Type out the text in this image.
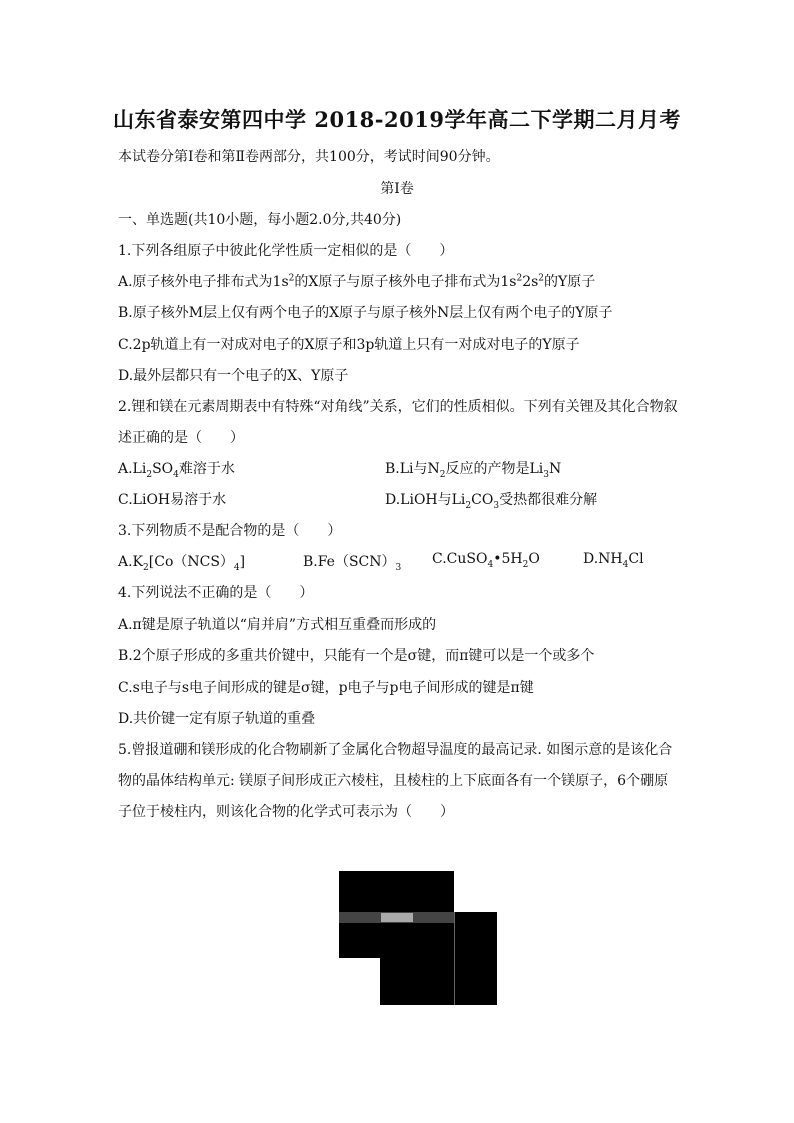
山东省泰安第四中学 2018-2019学年高二下学期二月月考
本试卷分第Ⅰ卷和第Ⅱ卷两部分，共100分，考试时间90分钟。
第Ⅰ卷
一、单选题(共10小题，每小题2.0分,共40分)
1.下列各组原子中彼此化学性质一定相似的是（　　）
A.原子核外电子排布式为$1s^2$的X原子与原子核外电子排布式为$1s^22s^2$的Y原子
B.原子核外M层上仅有两个电子的X原子与原子核外N层上仅有两个电子的Y原子
C.2p轨道上有一对成对电子的X原子和3p轨道上只有一对成对电子的Y原子
D.最外层都只有一个电子的X、Y原子
2.锂和镁在元素周期表中有特殊“对角线”关系，它们的性质相似。下列有关锂及其化合物叙
述正确的是（　　）
$A.Li_2SO_4$难溶于水	B.Li与$N_2$反应的产物是$Li_3N$
C.LiOH易溶于水	D.LiOH与$Li_2CO_3$受热都很难分解
3.下列物质不是配合物的是（　　）
$A.K_2[Co(NCS)_4]$	$B.Fe(SCN)_3$
$C.CuSO_4•5H_2O$	$D.NH_4Cl$
4.下列说法不正确的是（　　）
A.π键是原子轨道以“肩并肩”方式相互重叠而形成的
B.2个原子形成的多重共价键中，只能有一个是σ键，而π键可以是一个或多个
C.s电子与s电子间形成的键是σ键，p电子与p电子间形成的键是π键
D.共价键一定有原子轨道的重叠
5.曾报道硼和镁形成的化合物刷新了金属化合物超导温度的最高记录. 如图示意的是该化合
物的晶体结构单元: 镁原子间形成正六棱柱，且棱柱的上下底面各有一个镁原子，6个硼原
子位于棱柱内，则该化合物的化学式可表示为（　　）
